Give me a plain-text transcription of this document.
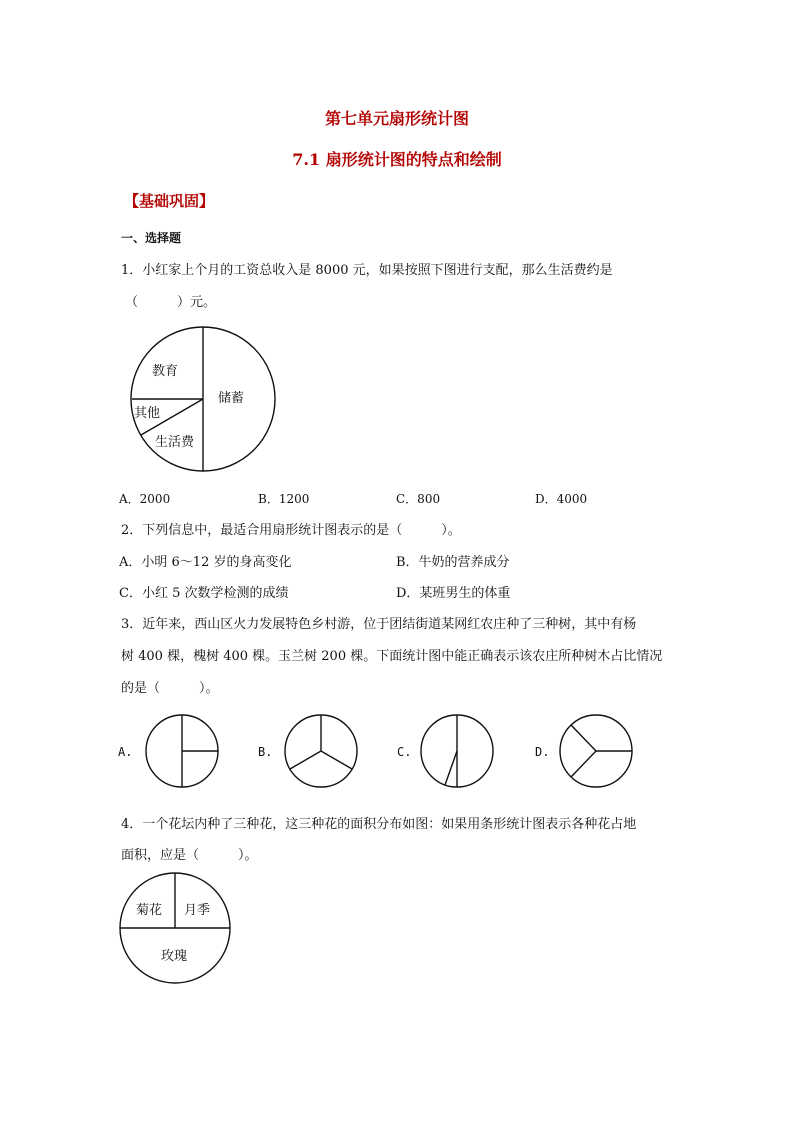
第七单元扇形统计图
7.1 扇形统计图的特点和绘制
【基础巩固】
一、选择题
1．小红家上个月的工资总收入是 8000 元，如果按照下图进行支配，那么生活费约是
（　　　）元。
教育
储蓄
其他
生活费
A．2000	B．1200	C．800	D．4000
2．下列信息中，最适合用扇形统计图表示的是（　　　）。
A．小明 6～12 岁的身高变化	B．牛奶的营养成分
C．小红 5 次数学检测的成绩	D．某班男生的体重
3．近年来，西山区火力发展特色乡村游，位于团结街道某网红农庄种了三种树，其中有杨
树 400 棵，槐树 400 棵。玉兰树 200 棵。下面统计图中能正确表示该农庄所种树木占比情况
的是（　　　）。
A.	B.	C.	D.
4．一个花坛内种了三种花，这三种花的面积分布如图：如果用条形统计图表示各种花占地
面积，应是（　　　）。
菊花 月季
玫瑰
